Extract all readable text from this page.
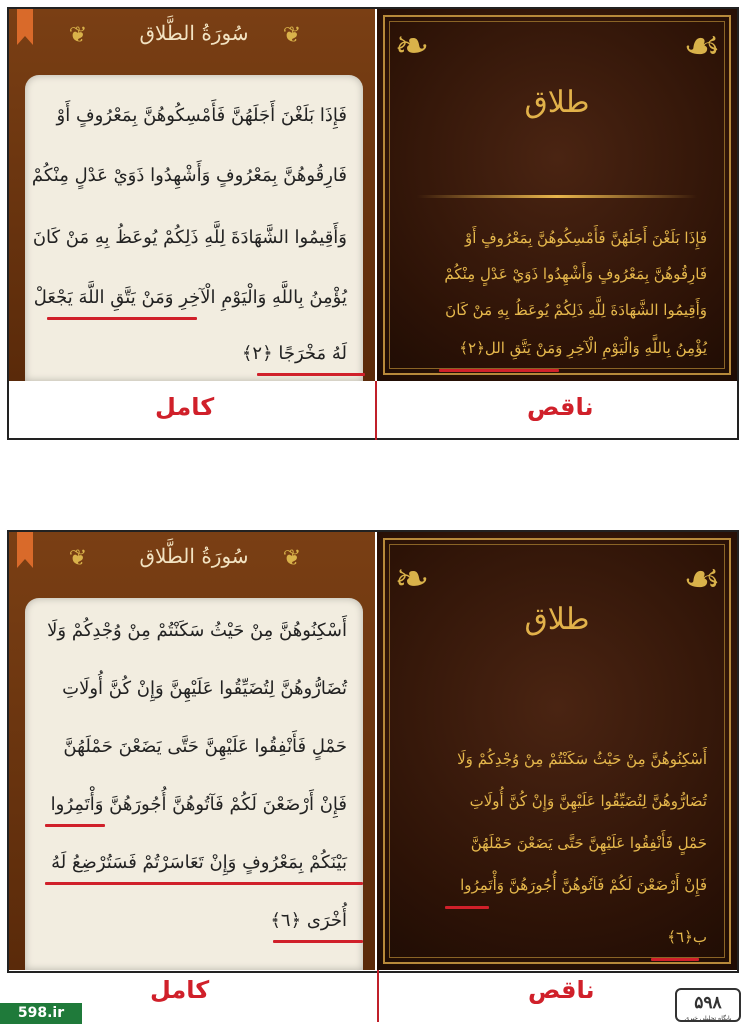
❦	سُورَةُ الطَّلاق	❦
فَإِذَا بَلَغْنَ أَجَلَهُنَّ فَأَمْسِكُوهُنَّ بِمَعْرُوفٍ أَوْ
فَارِقُوهُنَّ بِمَعْرُوفٍ وَأَشْهِدُوا ذَوَيْ عَدْلٍ مِنْكُمْ
وَأَقِيمُوا الشَّهَادَةَ لِلَّهِ ذَلِكُمْ يُوعَظُ بِهِ مَنْ كَانَ
يُؤْمِنُ بِاللَّهِ وَالْيَوْمِ الْآخِرِ وَمَنْ يَتَّقِ اللَّهَ يَجْعَلْ
لَهُ مَخْرَجًا ﴿٢﴾
❧	☙
طلاق
فَإِذَا بَلَغْنَ أَجَلَهُنَّ فَأَمْسِكُوهُنَّ بِمَعْرُوفٍ أَوْ
فَارِقُوهُنَّ بِمَعْرُوفٍ وَأَشْهِدُوا ذَوَيْ عَدْلٍ مِنْكُمْ
وَأَقِيمُوا الشَّهَادَةَ لِلَّهِ ذَلِكُمْ يُوعَظُ بِهِ مَنْ كَانَ
يُؤْمِنُ بِاللَّهِ وَالْيَوْمِ الْآخِرِ وَمَنْ يَتَّقِ الل﴿٢﴾
کامل	ناقص
❦	سُورَةُ الطَّلاق	❦
أَسْكِنُوهُنَّ مِنْ حَيْثُ سَكَنْتُمْ مِنْ وُجْدِكُمْ وَلَا
تُضَارُّوهُنَّ لِتُضَيِّقُوا عَلَيْهِنَّ وَإِنْ كُنَّ أُولَاتِ
حَمْلٍ فَأَنْفِقُوا عَلَيْهِنَّ حَتَّى يَضَعْنَ حَمْلَهُنَّ
فَإِنْ أَرْضَعْنَ لَكُمْ فَآتُوهُنَّ أُجُورَهُنَّ وَأْتَمِرُوا
بَيْنَكُمْ بِمَعْرُوفٍ وَإِنْ تَعَاسَرْتُمْ فَسَتُرْضِعُ لَهُ
أُخْرَى ﴿٦﴾
❧	☙
طلاق
أَسْكِنُوهُنَّ مِنْ حَيْثُ سَكَنْتُمْ مِنْ وُجْدِكُمْ وَلَا
تُضَارُّوهُنَّ لِتُضَيِّقُوا عَلَيْهِنَّ وَإِنْ كُنَّ أُولَاتِ
حَمْلٍ فَأَنْفِقُوا عَلَيْهِنَّ حَتَّى يَضَعْنَ حَمْلَهُنَّ
فَإِنْ أَرْضَعْنَ لَكُمْ فَآتُوهُنَّ أُجُورَهُنَّ وَأْتَمِرُوا
ب﴿٦﴾
کامل	ناقص
598.ir	۵۹۸
پایگاه تحلیلی خبری
